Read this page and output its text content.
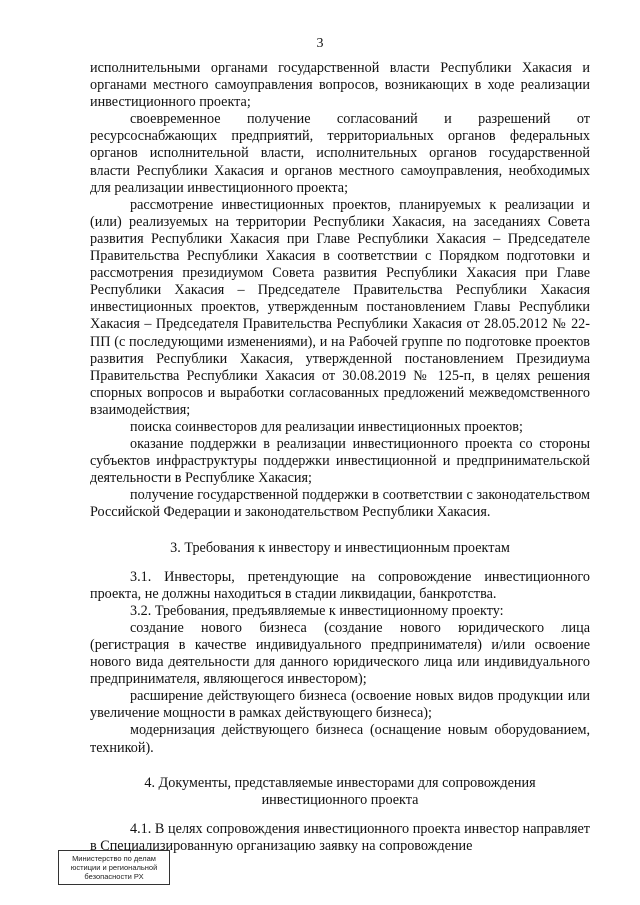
3

исполнительными органами государственной власти Республики Хакасия и органами местного самоуправления вопросов, возникающих в ходе реализации инвестиционного проекта;

своевременное получение согласований и разрешений от ресурсоснабжающих предприятий, территориальных органов федеральных органов исполнительной власти, исполнительных органов государственной власти Республики Хакасия и органов местного самоуправления, необходимых для реализации инвестиционного проекта;

рассмотрение инвестиционных проектов, планируемых к реализации и (или) реализуемых на территории Республики Хакасия, на заседаниях Совета развития Республики Хакасия при Главе Республики Хакасия – Председателе Правительства Республики Хакасия в соответствии с Порядком подготовки и рассмотрения президиумом Совета развития Республики Хакасия при Главе Республики Хакасия – Председателе Правительства Республики Хакасия инвестиционных проектов, утвержденным постановлением Главы Республики Хакасия – Председателя Правительства Республики Хакасия от 28.05.2012 № 22-ПП (с последующими изменениями), и на Рабочей группе по подготовке проектов развития Республики Хакасия, утвержденной постановлением Президиума Правительства Республики Хакасия от 30.08.2019 № 125-п, в целях решения спорных вопросов и выработки согласованных предложений межведомственного взаимодействия;

поиска соинвесторов для реализации инвестиционных проектов;

оказание поддержки в реализации инвестиционного проекта со стороны субъектов инфраструктуры поддержки инвестиционной и предпринимательской деятельности в Республике Хакасия;

получение государственной поддержки в соответствии с законодательством Российской Федерации и законодательством Республики Хакасия.

3. Требования к инвестору и инвестиционным проектам

3.1. Инвесторы, претендующие на сопровождение инвестиционного проекта, не должны находиться в стадии ликвидации, банкротства.

3.2. Требования, предъявляемые к инвестиционному проекту:

создание нового бизнеса (создание нового юридического лица (регистрация в качестве индивидуального предпринимателя) и/или освоение нового вида деятельности для данного юридического лица или индивидуального предпринимателя, являющегося инвестором);

расширение действующего бизнеса (освоение новых видов продукции или увеличение мощности в рамках действующего бизнеса);

модернизация действующего бизнеса (оснащение новым оборудованием, техникой).

4. Документы, представляемые инвесторами для сопровождения
инвестиционного проекта

4.1. В целях сопровождения инвестиционного проекта инвестор направляет в Специализированную организацию заявку на сопровождение

Министерство по делам
юстиции и региональной
безопасности РХ
